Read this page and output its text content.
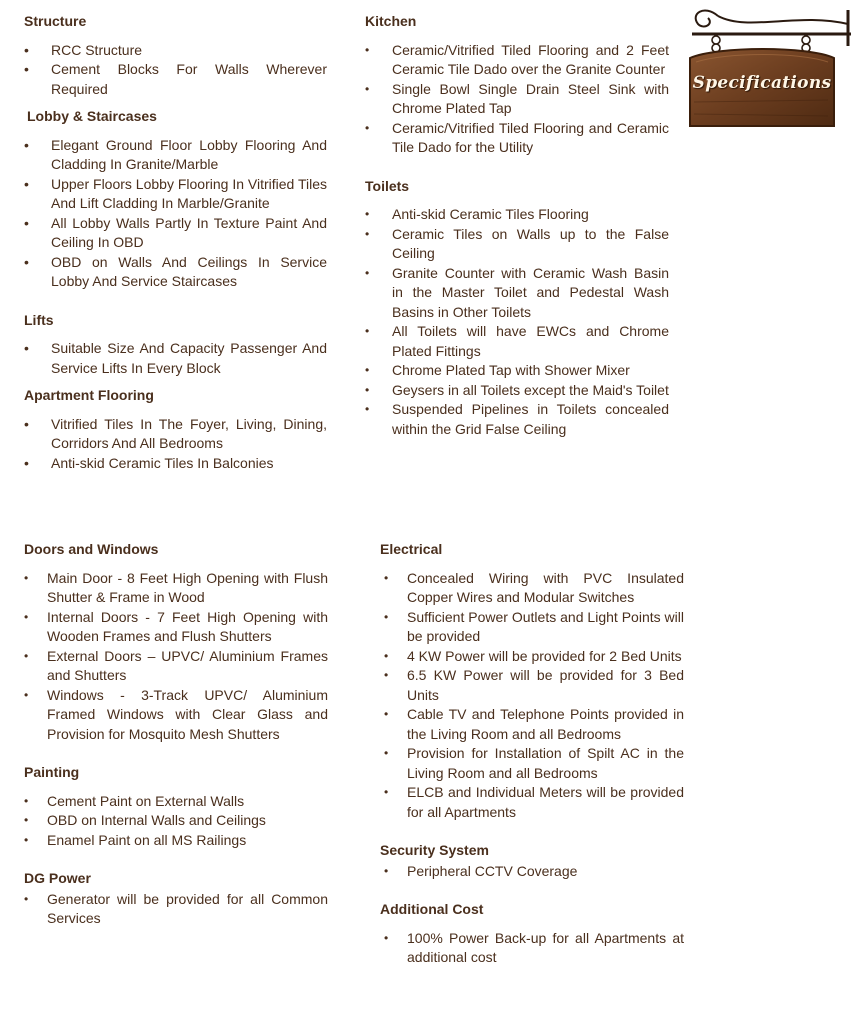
Structure
• RCC Structure
• Cement Blocks For Walls Wherever Required
Lobby & Staircases
• Elegant Ground Floor Lobby Flooring And Cladding In Granite/Marble
• Upper Floors Lobby Flooring In Vitrified Tiles And Lift Cladding In Marble/Granite
• All Lobby Walls Partly In Texture Paint And Ceiling In OBD
• OBD on Walls And Ceilings In Service Lobby And Service Staircases
Lifts
• Suitable Size And Capacity Passenger And Service Lifts In Every Block
Apartment Flooring
• Vitrified Tiles In The Foyer, Living, Dining, Corridors And All Bedrooms
• Anti-skid Ceramic Tiles In Balconies
Kitchen
• Ceramic/Vitrified Tiled Flooring and 2 Feet Ceramic Tile Dado over the Granite Counter
• Single Bowl Single Drain Steel Sink with Chrome Plated Tap
• Ceramic/Vitrified Tiled Flooring and Ceramic Tile Dado for the Utility
Toilets
• Anti-skid Ceramic Tiles Flooring
• Ceramic Tiles on Walls up to the False Ceiling
• Granite Counter with Ceramic Wash Basin in the Master Toilet and Pedestal Wash Basins in Other Toilets
• All Toilets will have EWCs and Chrome Plated Fittings
• Chrome Plated Tap with Shower Mixer
• Geysers in all Toilets except the Maid's Toilet
• Suspended Pipelines in Toilets concealed within the Grid False Ceiling
Doors and Windows
• Main Door - 8 Feet High Opening with Flush Shutter & Frame in Wood
• Internal Doors - 7 Feet High Opening with Wooden Frames and Flush Shutters
• External Doors – UPVC/ Aluminium Frames and Shutters
• Windows - 3-Track UPVC/ Aluminium Framed Windows with Clear Glass and Provision for Mosquito Mesh Shutters
Painting
• Cement Paint on External Walls
• OBD on Internal Walls and Ceilings
• Enamel Paint on all MS Railings
DG Power
• Generator will be provided for all Common Services
Electrical
• Concealed Wiring with PVC Insulated Copper Wires and Modular Switches
• Sufficient Power Outlets and Light Points will be provided
• 4 KW Power will be provided for 2 Bed Units
• 6.5 KW Power will be provided for 3 Bed Units
• Cable TV and Telephone Points provided in the Living Room and all Bedrooms
• Provision for Installation of Spilt AC in the Living Room and all Bedrooms
• ELCB and Individual Meters will be provided for all Apartments
Security System
• Peripheral CCTV Coverage
Additional Cost
• 100% Power Back-up for all Apartments at additional cost
Specifications
